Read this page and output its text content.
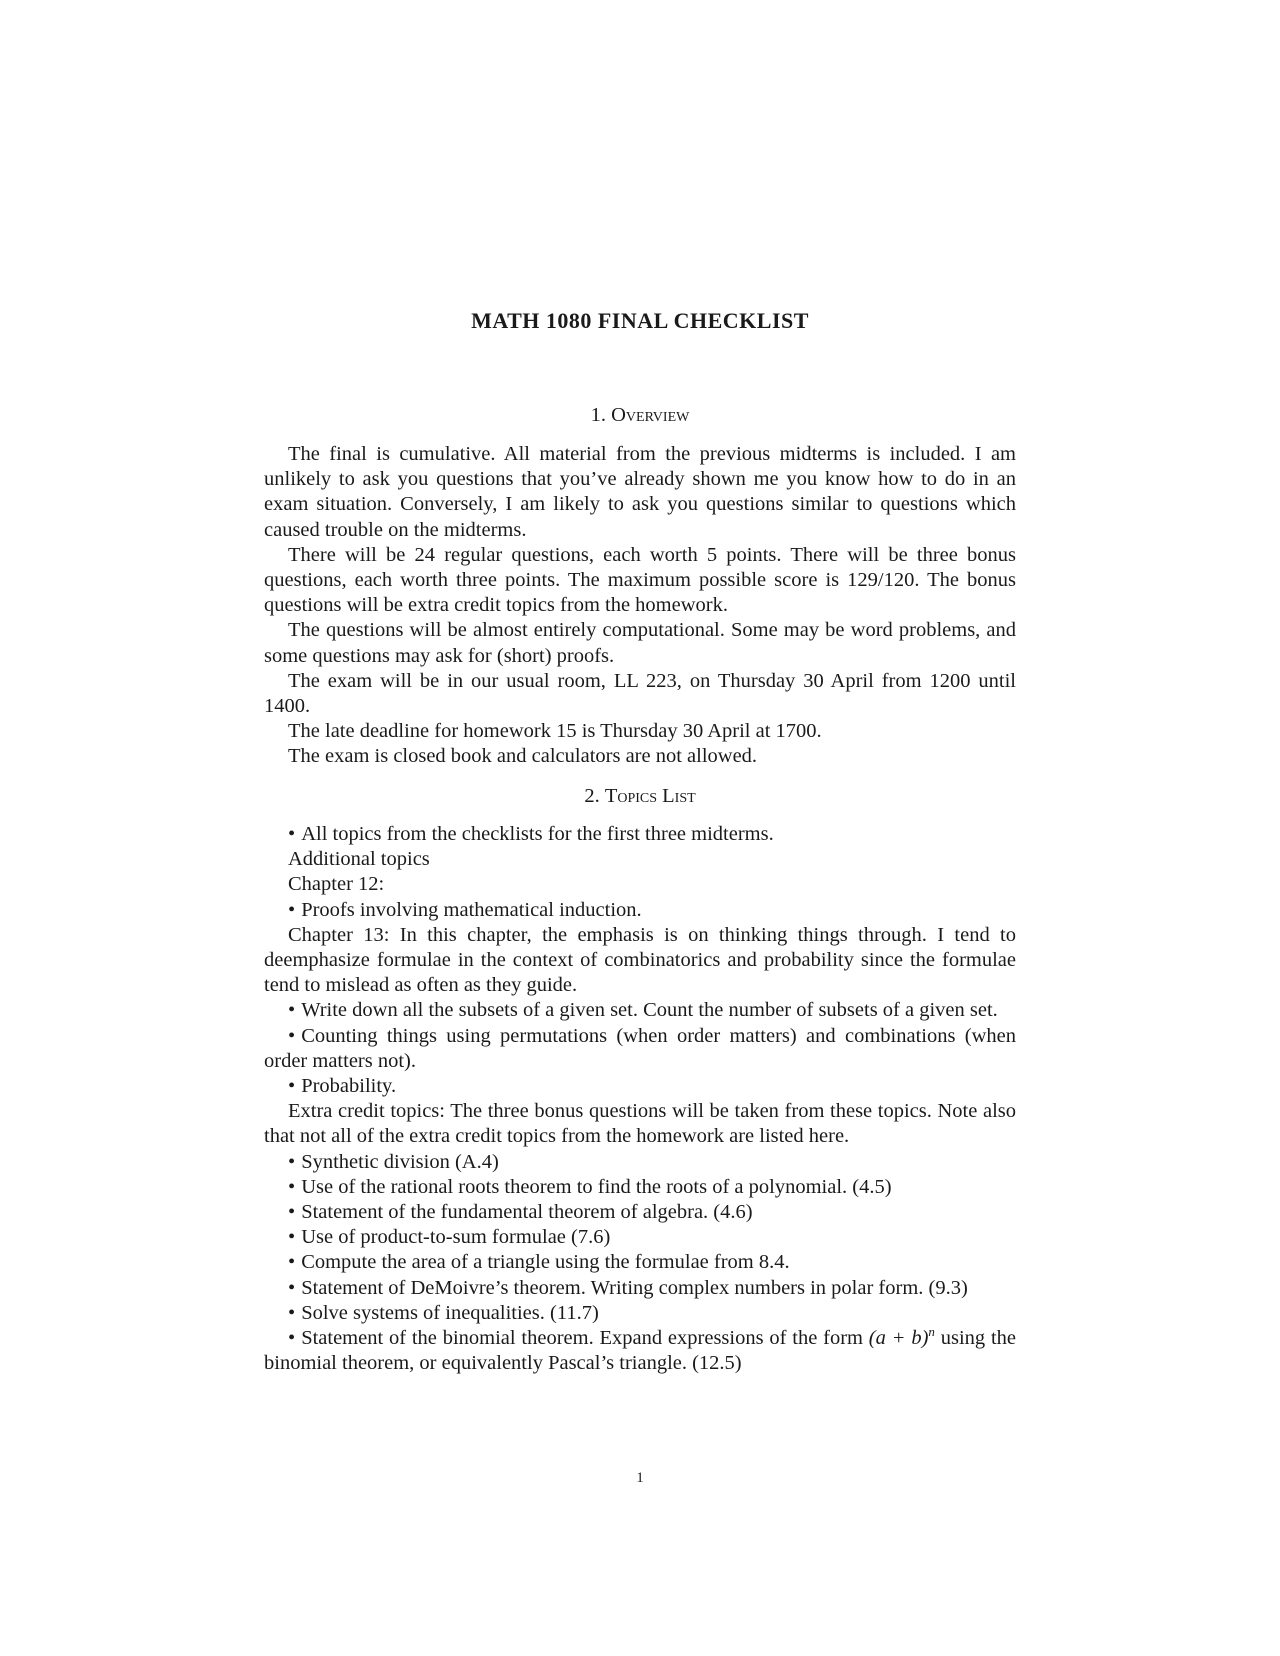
MATH 1080 FINAL CHECKLIST
1. Overview

The final is cumulative. All material from the previous midterms is included. I am unlikely to ask you questions that you’ve already shown me you know how to do in an exam situation. Conversely, I am likely to ask you questions similar to questions which caused trouble on the midterms.

There will be 24 regular questions, each worth 5 points. There will be three bonus questions, each worth three points. The maximum possible score is 129/120. The bonus questions will be extra credit topics from the homework.

The questions will be almost entirely computational. Some may be word problems, and some questions may ask for (short) proofs.

The exam will be in our usual room, LL 223, on Thursday 30 April from 1200 until 1400.

The late deadline for homework 15 is Thursday 30 April at 1700.

The exam is closed book and calculators are not allowed.

2. Topics List

• All topics from the checklists for the first three midterms.

Additional topics

Chapter 12:

• Proofs involving mathematical induction.

Chapter 13: In this chapter, the emphasis is on thinking things through. I tend to deemphasize formulae in the context of combinatorics and probability since the formulae tend to mislead as often as they guide.

• Write down all the subsets of a given set. Count the number of subsets of a given set.

• Counting things using permutations (when order matters) and combinations (when order matters not).

• Probability.

Extra credit topics: The three bonus questions will be taken from these topics. Note also that not all of the extra credit topics from the homework are listed here.

• Synthetic division (A.4)

• Use of the rational roots theorem to find the roots of a polynomial. (4.5)

• Statement of the fundamental theorem of algebra. (4.6)

• Use of product-to-sum formulae (7.6)

• Compute the area of a triangle using the formulae from 8.4.

• Statement of DeMoivre’s theorem. Writing complex numbers in polar form. (9.3)

• Solve systems of inequalities. (11.7)

• Statement of the binomial theorem. Expand expressions of the form $(a + b)^n$ using the binomial theorem, or equivalently Pascal’s triangle. (12.5)

1
